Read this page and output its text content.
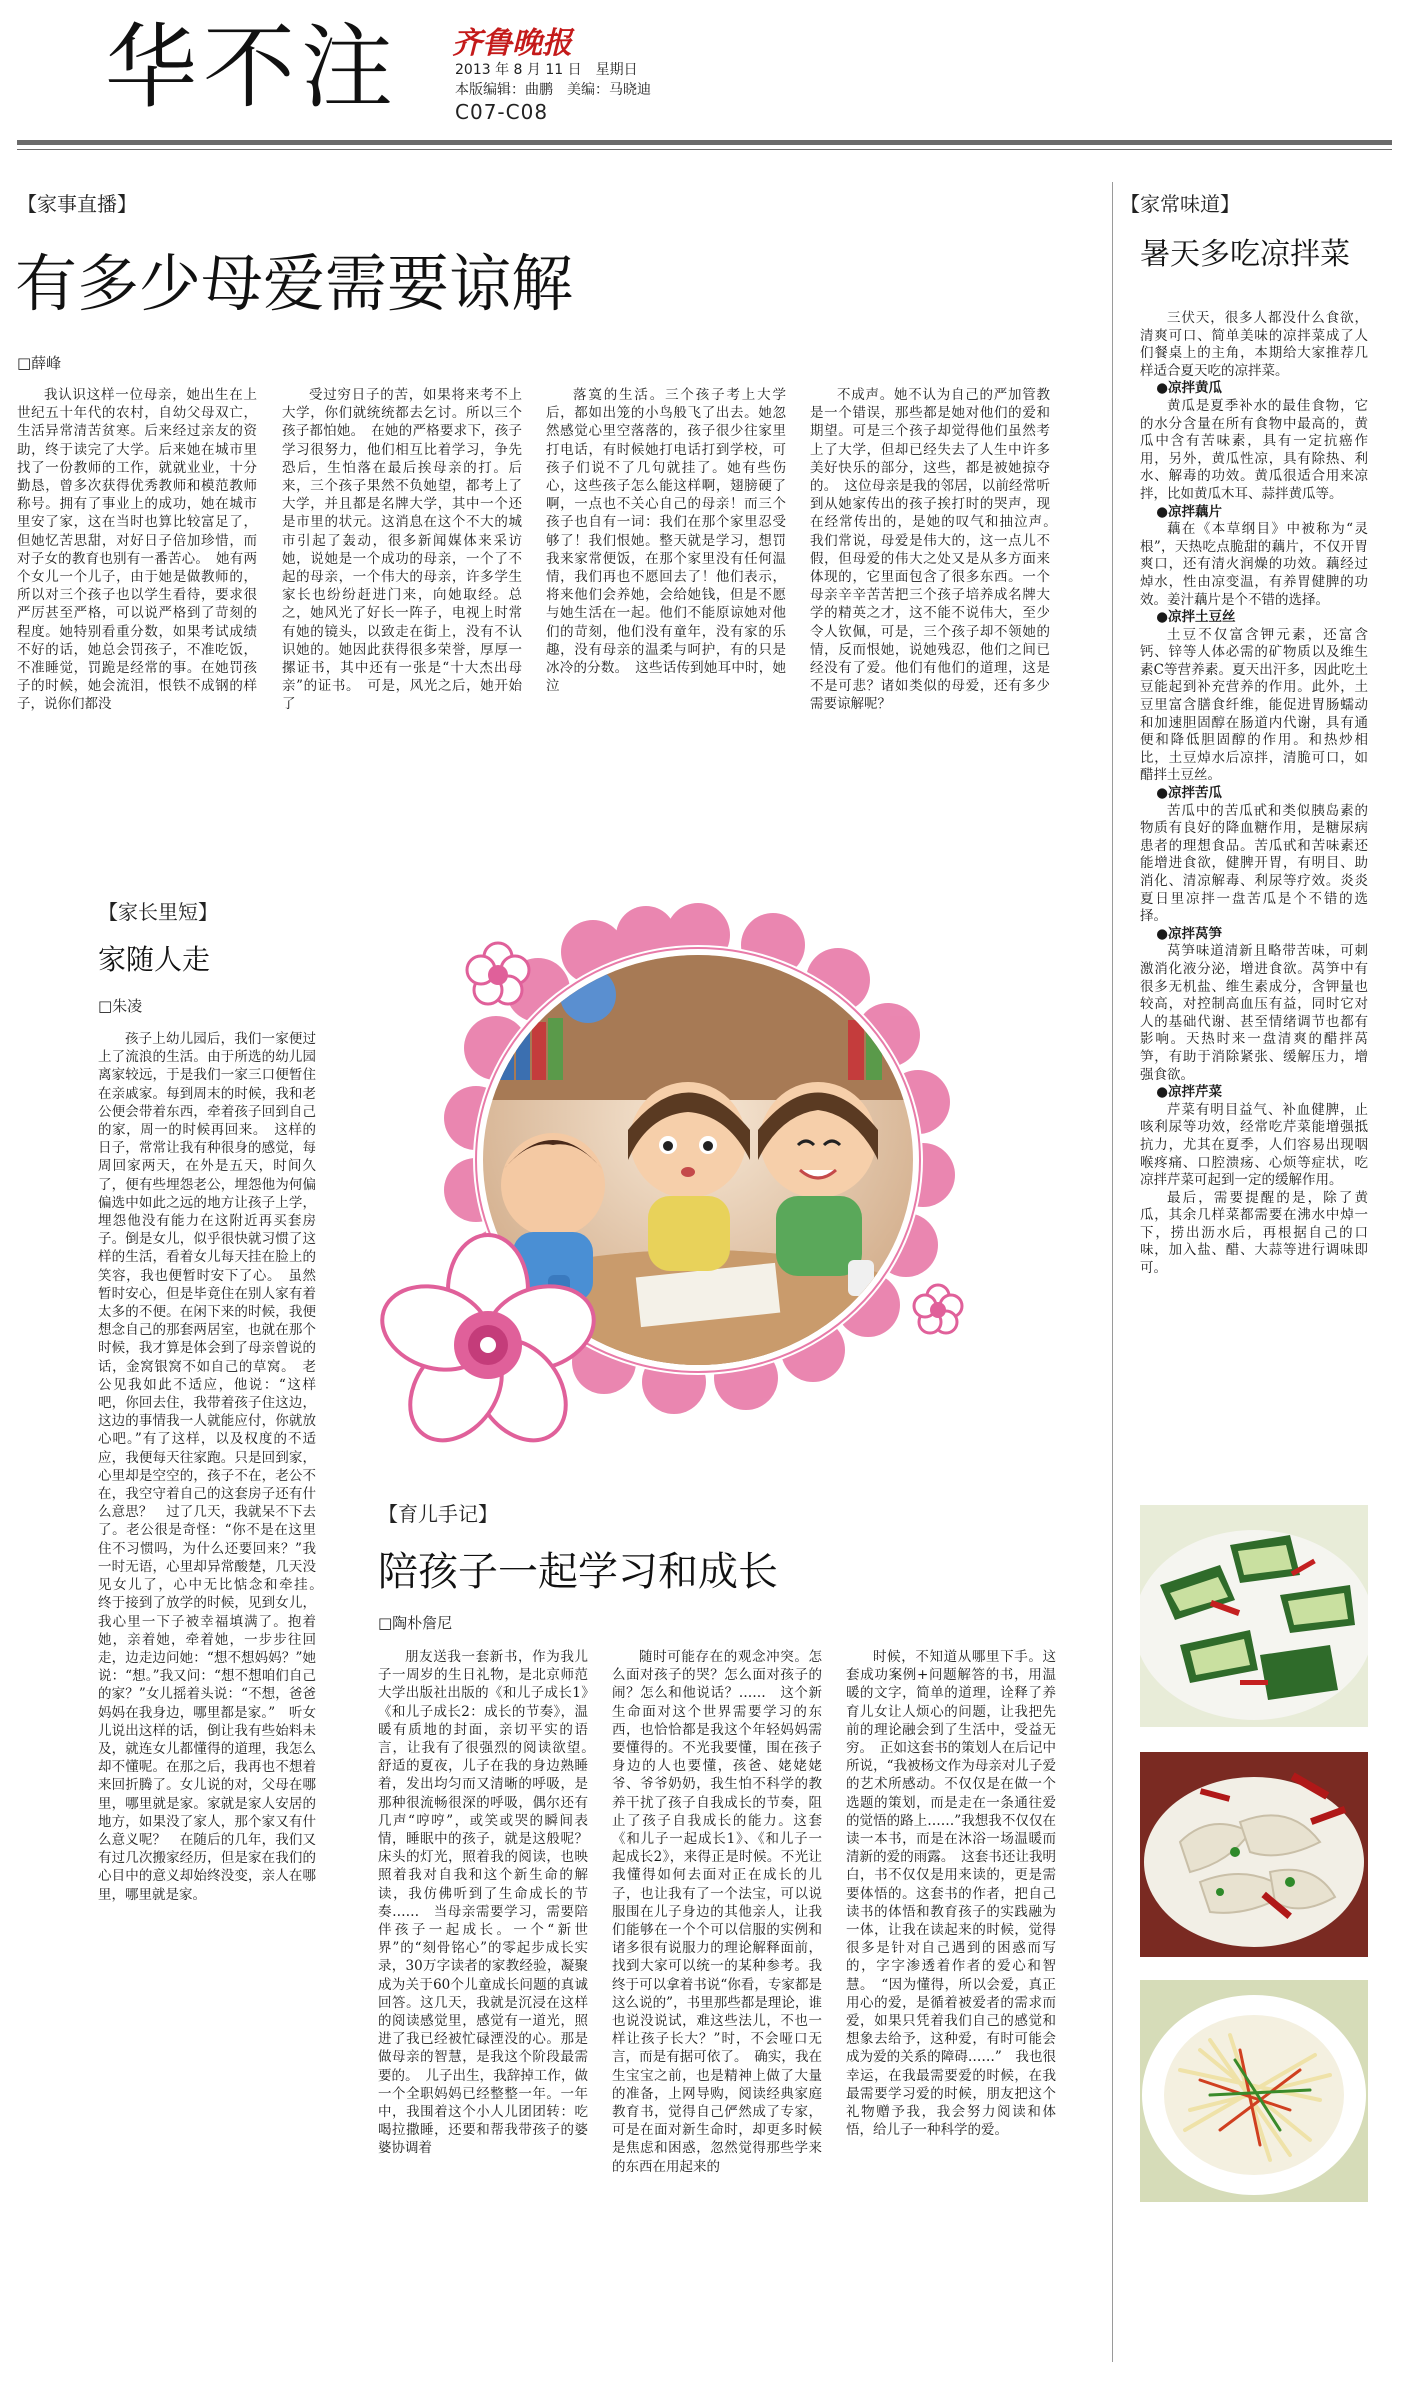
华不注 齐鲁晚报
2013 年 8 月 11 日　星期日
本版编辑：曲鹏　美编：马晓迪
C07-C08
【家事直播】
有多少母爱需要谅解
□薛峰
我认识这样一位母亲，她出生在上世纪五十年代的农村，自幼父母双亡，生活异常清苦贫寒。后来经过亲友的资助，终于读完了大学。后来她在城市里找了一份教师的工作，就就业业，十分勤恳，曾多次获得优秀教师和模范教师称号。拥有了事业上的成功，她在城市里安了家，这在当时也算比较富足了，但她忆苦思甜，对好日子倍加珍惜，而对子女的教育也别有一番苦心。　她有两个女儿一个儿子，由于她是做教师的，所以对三个孩子也以学生看待，要求很严厉甚至严格，可以说严格到了苛刻的程度。她特别看重分数，如果考试成绩不好的话，她总会罚孩子，不准吃饭，不准睡觉，罚跪是经常的事。在她罚孩子的时候，她会流泪，恨铁不成钢的样子，说你们都没
受过穷日子的苦，如果将来考不上大学，你们就统统都去乞讨。所以三个孩子都怕她。　在她的严格要求下，孩子学习很努力，他们相互比着学习，争先恐后，生怕落在最后挨母亲的打。后来，三个孩子果然不负她望，都考上了大学，并且都是名牌大学，其中一个还是市里的状元。这消息在这个不大的城市引起了轰动，很多新闻媒体来采访她，说她是一个成功的母亲，一个了不起的母亲，一个伟大的母亲，许多学生家长也纷纷赶进门来，向她取经。总之，她风光了好长一阵子，电视上时常有她的镜头，以致走在街上，没有不认识她的。她因此获得很多荣誉，厚厚一摞证书，其中还有一张是“十大杰出母亲”的证书。　可是，风光之后，她开始了
落寞的生活。三个孩子考上大学后，都如出笼的小鸟般飞了出去。她忽然感觉心里空落落的，孩子很少往家里打电话，有时候她打电话打到学校，可孩子们说不了几句就挂了。她有些伤心，这些孩子怎么能这样啊，翅膀硬了啊，一点也不关心自己的母亲！而三个孩子也自有一词：我们在那个家里忍受够了！我们恨她。整天就是学习，想罚我来家常便饭，在那个家里没有任何温情，我们再也不愿回去了！他们表示，将来他们会养她，会给她钱，但是不愿与她生活在一起。他们不能原谅她对他们的苛刻，他们没有童年，没有家的乐趣，没有母亲的温柔与呵护，有的只是冰冷的分数。　这些话传到她耳中时，她泣
不成声。她不认为自己的严加管教是一个错误，那些都是她对他们的爱和期望。可是三个孩子却觉得他们虽然考上了大学，但却已经失去了人生中许多美好快乐的部分，这些，都是被她掠夺的。　这位母亲是我的邻居，以前经常听到从她家传出的孩子挨打时的哭声，现在经常传出的，是她的叹气和抽泣声。　我们常说，母爱是伟大的，这一点儿不假，但母爱的伟大之处又是从多方面来体现的，它里面包含了很多东西。一个母亲辛辛苦苦把三个孩子培养成名牌大学的精英之才，这不能不说伟大，至少令人钦佩，可是，三个孩子却不领她的情，反而恨她，说她残忍，他们之间已经没有了爱。他们有他们的道理，这是不是可悲？诸如类似的母爱，还有多少需要谅解呢？
【家长里短】
家随人走
□朱凌
孩子上幼儿园后，我们一家便过上了流浪的生活。由于所选的幼儿园离家较远，于是我们一家三口便暂住在亲戚家。每到周末的时候，我和老公便会带着东西，牵着孩子回到自己的家，周一的时候再回来。　这样的日子，常常让我有种很身的感觉，每周回家两天，在外是五天，时间久了，便有些埋怨老公，埋怨他为何偏偏选中如此之远的地方让孩子上学，埋怨他没有能力在这附近再买套房子。倒是女儿，似乎很快就习惯了这样的生活，看着女儿每天挂在脸上的笑容，我也便暂时安下了心。　虽然暂时安心，但是毕竟住在别人家有着太多的不便。在闲下来的时候，我便想念自己的那套两居室，也就在那个时候，我才算是体会到了母亲曾说的话，金窝银窝不如自己的草窝。　老公见我如此不适应，他说：“这样吧，你回去住，我带着孩子住这边，这边的事情我一人就能应付，你就放心吧。”有了这样，以及权度的不适应，我便每天往家跑。只是回到家，心里却是空空的，孩子不在，老公不在，我空守着自己的这套房子还有什么意思？　过了几天，我就呆不下去了。老公很是奇怪：“你不是在这里住不习惯吗，为什么还要回来？”我一时无语，心里却异常酸楚，几天没见女儿了，心中无比惦念和牵挂。　终于接到了放学的时候，见到女儿，我心里一下子被幸福填满了。抱着她，亲着她，牵着她，一步步往回走，边走边问她：“想不想妈妈？”她说：“想。”我又问：“想不想咱们自己的家？”女儿摇着头说：“不想，爸爸妈妈在我身边，哪里都是家。”　听女儿说出这样的话，倒让我有些始料未及，就连女儿都懂得的道理，我怎么却不懂呢。在那之后，我再也不想着来回折腾了。女儿说的对，父母在哪里，哪里就是家。家就是家人安居的地方，如果没了家人，那个家又有什么意义呢？　在随后的几年，我们又有过几次搬家经历，但是家在我们的心目中的意义却始终没变，亲人在哪里，哪里就是家。
【育儿手记】
陪孩子一起学习和成长
□陶朴詹尼
朋友送我一套新书，作为我儿子一周岁的生日礼物，是北京师范大学出版社出版的《和儿子成长1》《和儿子成长2：成长的节奏》，温暖有质地的封面，亲切平实的语言，让我有了很强烈的阅读欲望。　舒适的夏夜，儿子在我的身边熟睡着，发出均匀而又清晰的呼吸，是那种很流畅很深的呼吸，偶尔还有几声“哼哼”，或笑或哭的瞬间表情，睡眠中的孩子，就是这般呢？　床头的灯光，照着我的阅读，也映照着我对自我和这个新生命的解读，我仿佛听到了生命成长的节奏……　当母亲需要学习，需要陪伴孩子一起成长。一个“新世界”的“刻骨铭心”的零起步成长实录，30万字读者的家教经验，凝聚成为关于60个儿童成长问题的真诚回答。这几天，我就是沉浸在这样的阅读感觉里，感觉有一道光，照进了我已经被忙碌湮没的心。那是做母亲的智慧，是我这个阶段最需要的。　儿子出生，我辞掉工作，做一个全职妈妈已经整整一年。一年中，我围着这个小人儿团团转：吃喝拉撒睡，还要和帮我带孩子的婆婆协调着
随时可能存在的观念冲突。怎么面对孩子的哭？怎么面对孩子的闹？怎么和他说话？……　这个新生命面对这个世界需要学习的东西，也恰恰都是我这个年轻妈妈需要懂得的。不光我要懂，围在孩子身边的人也要懂，孩爸、姥姥姥爷、爷爷奶奶，我生怕不科学的教养干扰了孩子自我成长的节奏，阻止了孩子自我成长的能力。这套《和儿子一起成长1》、《和儿子一起成长2》，来得正是时候。不光让我懂得如何去面对正在成长的儿子，也让我有了一个法宝，可以说服围在儿子身边的其他亲人，让我们能够在一个个可以信服的实例和诸多很有说服力的理论解释面前，找到大家可以统一的某种参考。我终于可以拿着书说“你看，专家都是这么说的”，书里那些都是理论，谁也说没说试，难这些法儿，不也一样让孩子长大？”时，不会哑口无言，而是有据可依了。　确实，我在生宝宝之前，也是精神上做了大量的准备，上网导购，阅读经典家庭教育书，觉得自己俨然成了专家，可是在面对新生命时，却更多时候是焦虑和困惑，忽然觉得那些学来的东西在用起来的
时候，不知道从哪里下手。这套成功案例+问题解答的书，用温暖的文字，简单的道理，诠释了养育儿女让人烦心的问题，让我把先前的理论融会到了生活中，受益无穷。　正如这套书的策划人在后记中所说，“我被杨文作为母亲对儿子爱的艺术所感动。不仅仅是在做一个选题的策划，而是走在一条通往爱的觉悟的路上……”我想我不仅仅在读一本书，而是在沐浴一场温暖而清新的爱的雨露。　这套书还让我明白，书不仅仅是用来读的，更是需要体悟的。这套书的作者，把自己读书的体悟和教育孩子的实践融为一体，让我在读起来的时候，觉得很多是针对自己遇到的困惑而写的，字字渗透着作者的爱心和智慧。　“因为懂得，所以会爱，真正用心的爱，是循着被爱者的需求而爱，如果只凭着我们自己的感觉和想象去给予，这种爱，有时可能会成为爱的关系的障碍……”　我也很幸运，在我最需要爱的时候，在我最需要学习爱的时候，朋友把这个礼物赠予我，我会努力阅读和体悟，给儿子一种科学的爱。
【家常味道】
暑天多吃凉拌菜

三伏天，很多人都没什么食欲，清爽可口、简单美味的凉拌菜成了人们餐桌上的主角，本期给大家推荐几样适合夏天吃的凉拌菜。

●凉拌黄瓜

黄瓜是夏季补水的最佳食物，它的水分含量在所有食物中最高的，黄瓜中含有苦味素，具有一定抗癌作用，另外，黄瓜性凉，具有除热、利水、解毒的功效。黄瓜很适合用来凉拌，比如黄瓜木耳、蒜拌黄瓜等。

●凉拌藕片

藕在《本草纲目》中被称为“灵根”，天热吃点脆甜的藕片，不仅开胃爽口，还有清火润燥的功效。藕经过焯水，性由凉变温，有养胃健脾的功效。姜汁藕片是个不错的选择。

●凉拌土豆丝

土豆不仅富含钾元素，还富含钙、锌等人体必需的矿物质以及维生素C等营养素。夏天出汗多，因此吃土豆能起到补充营养的作用。此外，土豆里富含膳食纤维，能促进胃肠蠕动和加速胆固醇在肠道内代谢，具有通便和降低胆固醇的作用。和热炒相比，土豆焯水后凉拌，清脆可口，如醋拌土豆丝。

●凉拌苦瓜

苦瓜中的苦瓜甙和类似胰岛素的物质有良好的降血糖作用，是糖尿病患者的理想食品。苦瓜甙和苦味素还能增进食欲，健脾开胃，有明目、助消化、清凉解毒、利尿等疗效。炎炎夏日里凉拌一盘苦瓜是个不错的选择。

●凉拌莴笋

莴笋味道清新且略带苦味，可刺激消化液分泌，增进食欲。莴笋中有很多无机盐、维生素成分，含钾量也较高，对控制高血压有益，同时它对人的基础代谢、甚至情绪调节也都有影响。天热时来一盘清爽的醋拌莴笋，有助于消除紧张、缓解压力，增强食欲。

●凉拌芹菜

芹菜有明目益气、补血健脾，止咳利尿等功效，经常吃芹菜能增强抵抗力，尤其在夏季，人们容易出现咽喉疼痛、口腔溃疡、心烦等症状，吃凉拌芹菜可起到一定的缓解作用。

最后，需要提醒的是，除了黄瓜，其余几样菜都需要在沸水中焯一下，捞出沥水后，再根据自己的口味，加入盐、醋、大蒜等进行调味即可。
